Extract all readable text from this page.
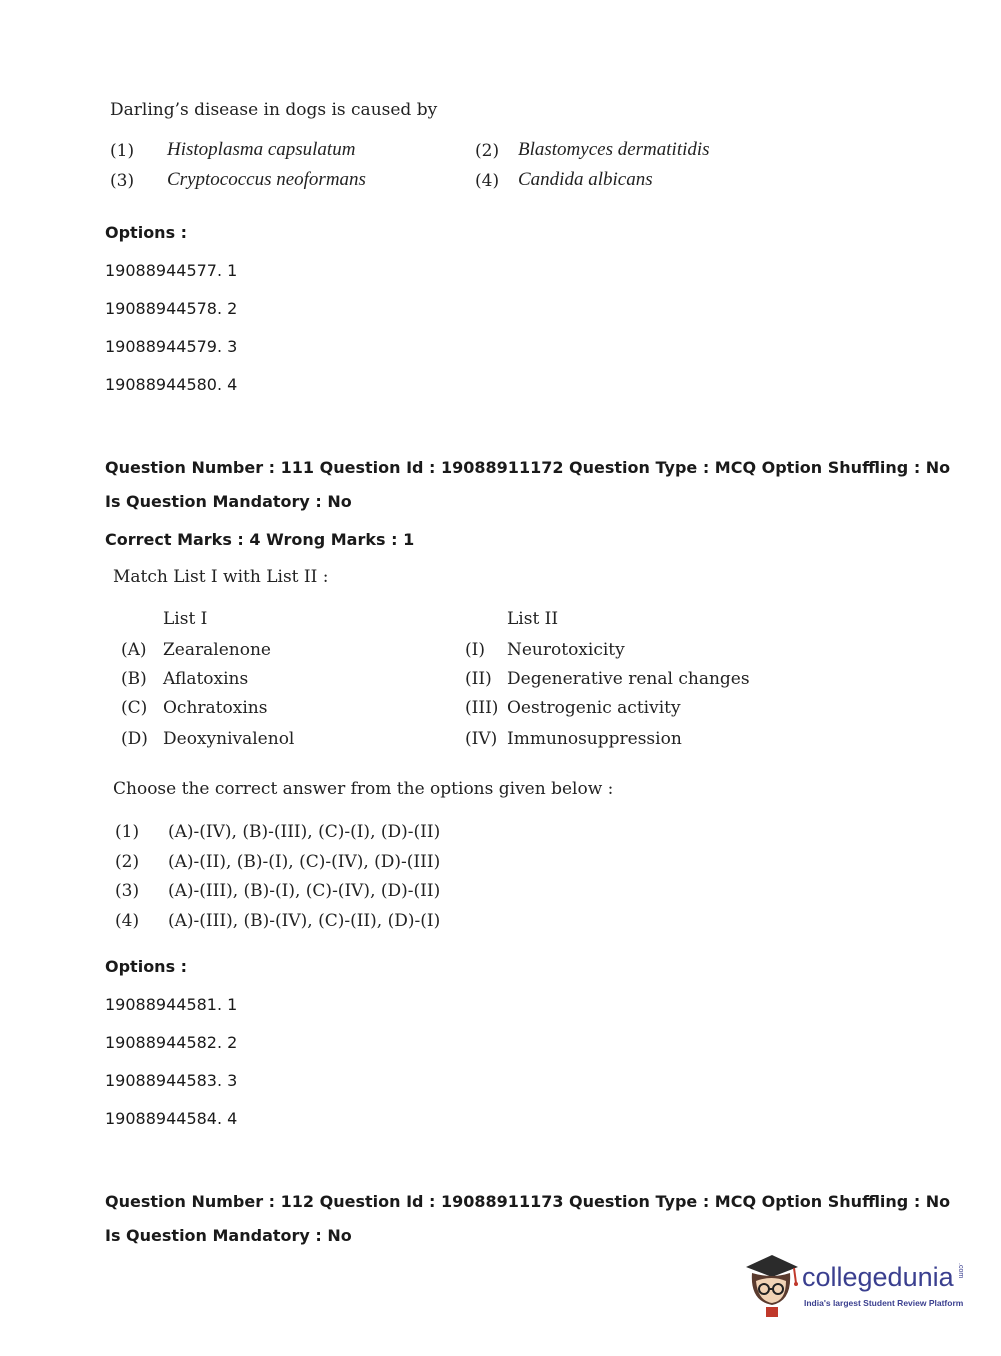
Darling’s disease in dogs is caused by
(1) Histoplasma capsulatum	(2) Blastomyces dermatitidis
(3) Cryptococcus neoformans	(4) Candida albicans
Options :
19088944577. 1
19088944578. 2
19088944579. 3
19088944580. 4
Question Number : 111 Question Id : 19088911172 Question Type : MCQ Option Shuffling : No
Is Question Mandatory : No
Correct Marks : 4 Wrong Marks : 1
Match List I with List II :
List I	List II
(A) Zearalenone	(I) Neurotoxicity
(B) Aflatoxins	(II) Degenerative renal changes
(C) Ochratoxins	(III) Oestrogenic activity
(D) Deoxynivalenol	(IV) Immunosuppression
Choose the correct answer from the options given below :
(1) (A)-(IV), (B)-(III), (C)-(I), (D)-(II)
(2) (A)-(II), (B)-(I), (C)-(IV), (D)-(III)
(3) (A)-(III), (B)-(I), (C)-(IV), (D)-(II)
(4) (A)-(III), (B)-(IV), (C)-(II), (D)-(I)
Options :
19088944581. 1
19088944582. 2
19088944583. 3
19088944584. 4
Question Number : 112 Question Id : 19088911173 Question Type : MCQ Option Shuffling : No
Is Question Mandatory : No
collegedunia .com
India's largest Student Review Platform
